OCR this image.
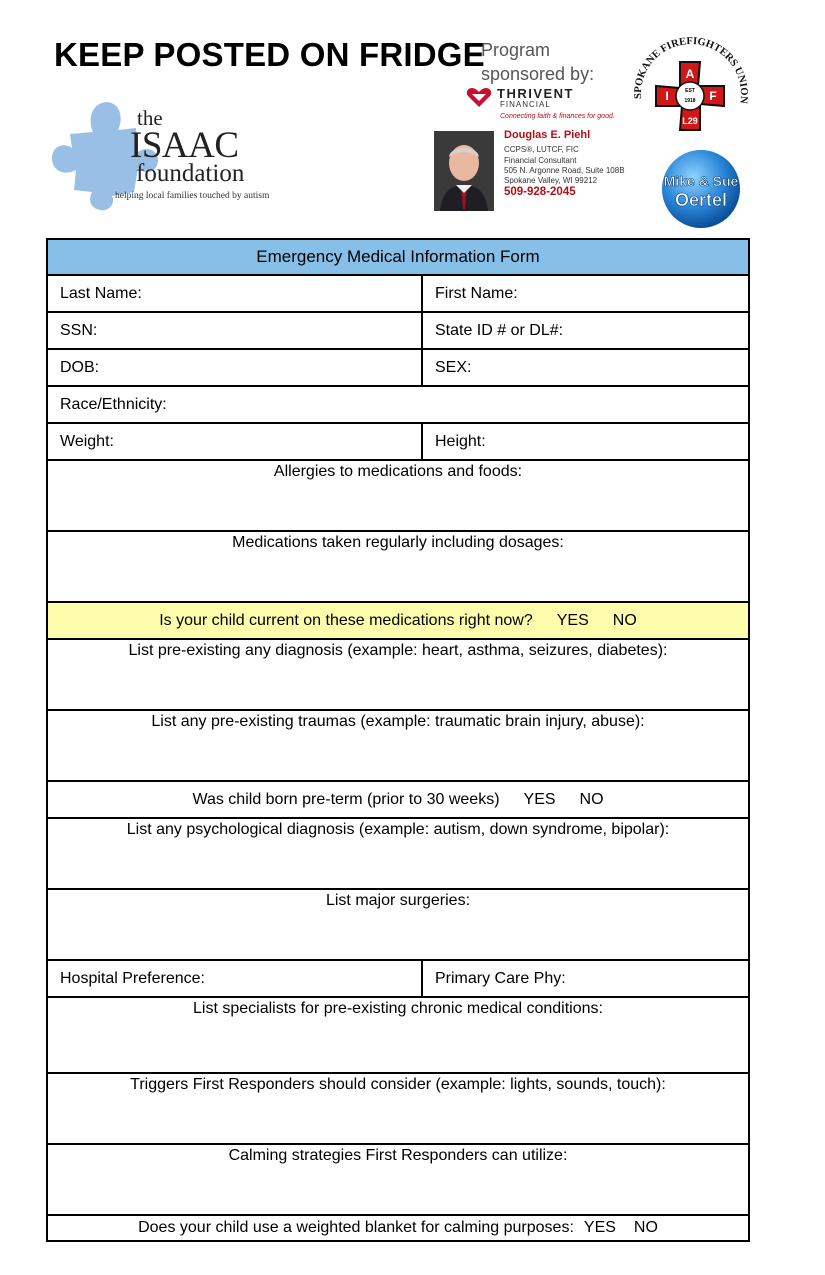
KEEP POSTED ON FRIDGE
Program
sponsored by:
the
ISAAC
foundation
helping local families touched by autism
THRIVENT
FINANCIAL
Connecting faith & finances for good.
Douglas E. Piehl
CCPS®, LUTCF, FIC
Financial Consultant
505 N. Argonne Road, Suite 108B
Spokane Valley, WI 99212
509-928-2045
SPOKANE FIREFIGHTERS UNION
EST
1918
A
I	F
L29
Mike & Sue
Oertel
Emergency Medical Information Form
Last Name:	First Name:
SSN:	State ID # or DL#:
DOB:	SEX:
Race/Ethnicity:
Weight:	Height:
Allergies to medications and foods:
Medications taken regularly including dosages:
Is your child current on these medications right now? YES NO
List pre-existing any diagnosis (example: heart, asthma, seizures, diabetes):
List any pre-existing traumas (example: traumatic brain injury, abuse):
Was child born pre-term (prior to 30 weeks) YES NO
List any psychological diagnosis (example: autism, down syndrome, bipolar):
List major surgeries:
Hospital Preference:	Primary Care Phy:
List specialists for pre-existing chronic medical conditions:
Triggers First Responders should consider (example: lights, sounds, touch):
Calming strategies First Responders can utilize:
Does your child use a weighted blanket for calming purposes: YES NO
